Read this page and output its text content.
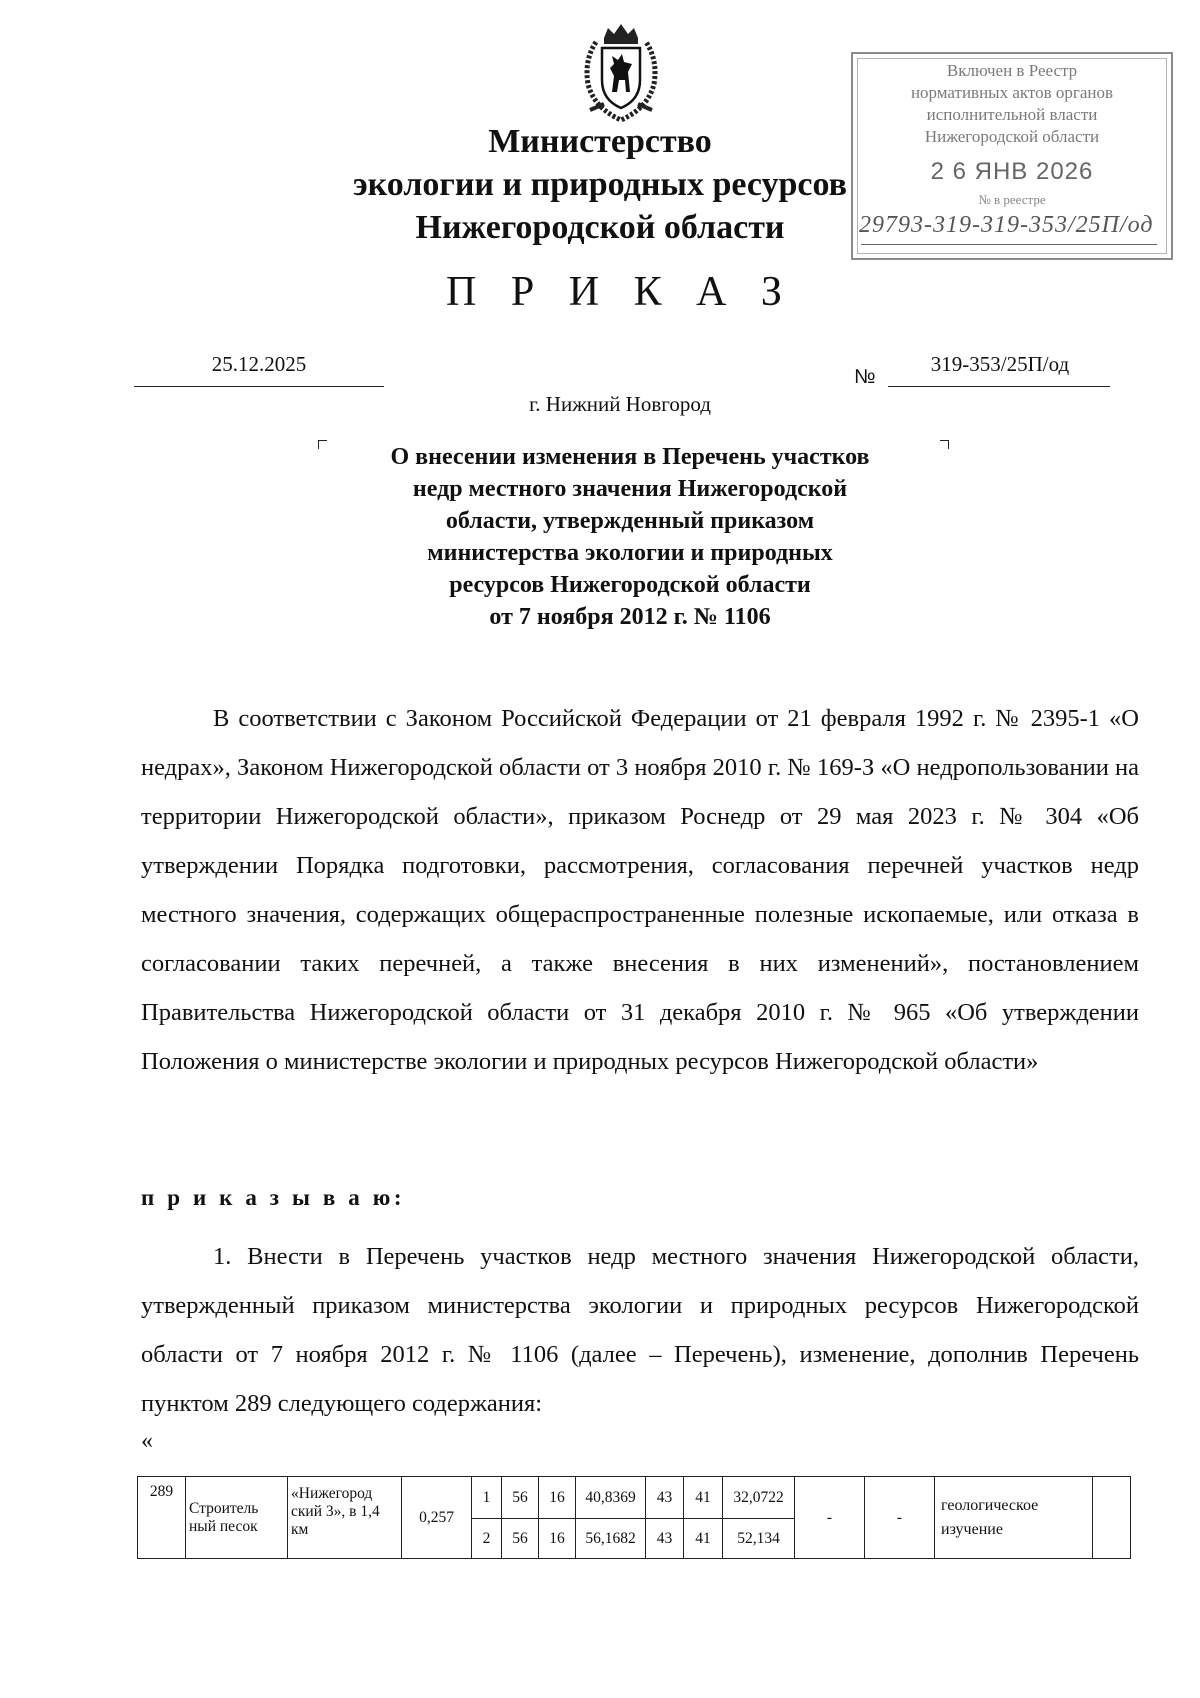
Министерство
экологии и природных ресурсов
Нижегородской области
П Р И К А З
Включен в Реестр
нормативных актов органов
исполнительной власти
Нижегородской области
2 6 ЯНВ 2026
№ в реестре
29793-319-319-353/25П/од
25.12.2025
№
319-353/25П/од
г. Нижний Новгород
О внесении изменения в Перечень участков
недр местного значения Нижегородской
области, утвержденный приказом
министерства экологии и природных
ресурсов Нижегородской области
от 7 ноября 2012 г. № 1106

В соответствии с Законом Российской Федерации от 21 февраля 1992 г. № 2395-1 «О недрах», Законом Нижегородской области от 3 ноября 2010 г. № 169-З «О недропользовании на территории Нижегородской области», приказом Роснедр от 29 мая 2023 г. № 304 «Об утверждении Порядка подготовки, рассмотрения, согласования перечней участков недр местного значения, содержащих общераспространенные полезные ископаемые, или отказа в согласовании таких перечней, а также внесения в них изменений», постановлением Правительства Нижегородской области от 31 декабря 2010 г. № 965 «Об утверждении Положения о министерстве экологии и природных ресурсов Нижегородской области»

п р и к а з ы в а ю:

1. Внести в Перечень участков недр местного значения Нижегородской области, утвержденный приказом министерства экологии и природных ресурсов Нижегородской области от 7 ноября 2012 г. № 1106 (далее – Перечень), изменение, дополнив Перечень пунктом 289 следующего содержания:

«
289	Строитель ный песок	«Нижегород ский 3», в 1,4 км	0,257	1	56	16	40,8369	43	41	32,0722	-	-	геологическое изучение	
				2	56	16	56,1682	43	41	52,134				
